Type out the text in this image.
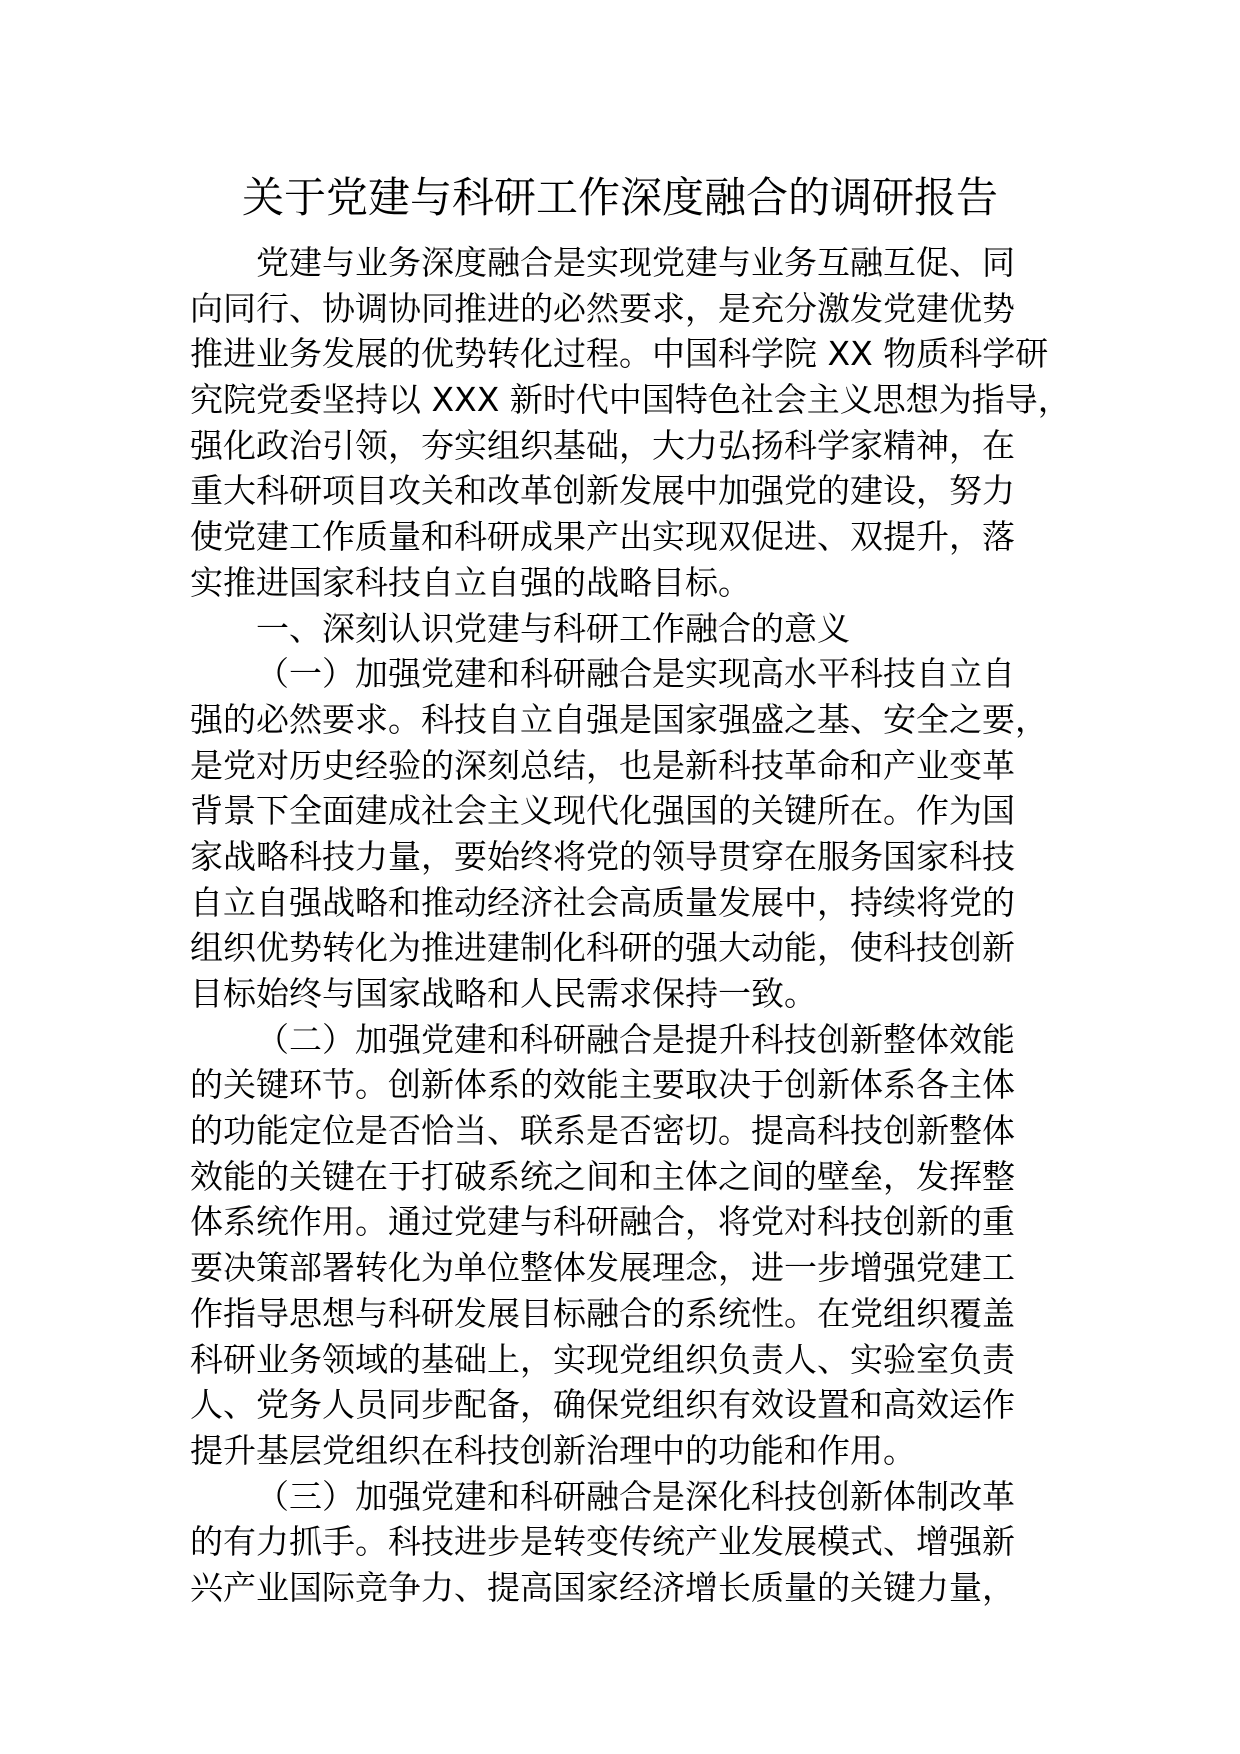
关于党建与科研工作深度融合的调研报告
党建与业务深度融合是实现党建与业务互融互促、同
向同行、协调协同推进的必然要求，是充分激发党建优势
推进业务发展的优势转化过程。中国科学院 XX 物质科学研
究院党委坚持以 XXX 新时代中国特色社会主义思想为指导，
强化政治引领，夯实组织基础，大力弘扬科学家精神，在
重大科研项目攻关和改革创新发展中加强党的建设，努力
使党建工作质量和科研成果产出实现双促进、双提升，落
实推进国家科技自立自强的战略目标。
一、深刻认识党建与科研工作融合的意义
（一）加强党建和科研融合是实现高水平科技自立自
强的必然要求。科技自立自强是国家强盛之基、安全之要，
是党对历史经验的深刻总结，也是新科技革命和产业变革
背景下全面建成社会主义现代化强国的关键所在。作为国
家战略科技力量，要始终将党的领导贯穿在服务国家科技
自立自强战略和推动经济社会高质量发展中，持续将党的
组织优势转化为推进建制化科研的强大动能，使科技创新
目标始终与国家战略和人民需求保持一致。
（二）加强党建和科研融合是提升科技创新整体效能
的关键环节。创新体系的效能主要取决于创新体系各主体
的功能定位是否恰当、联系是否密切。提高科技创新整体
效能的关键在于打破系统之间和主体之间的壁垒，发挥整
体系统作用。通过党建与科研融合，将党对科技创新的重
要决策部署转化为单位整体发展理念，进一步增强党建工
作指导思想与科研发展目标融合的系统性。在党组织覆盖
科研业务领域的基础上，实现党组织负责人、实验室负责
人、党务人员同步配备，确保党组织有效设置和高效运作
提升基层党组织在科技创新治理中的功能和作用。
（三）加强党建和科研融合是深化科技创新体制改革
的有力抓手。科技进步是转变传统产业发展模式、增强新
兴产业国际竞争力、提高国家经济增长质量的关键力量，
